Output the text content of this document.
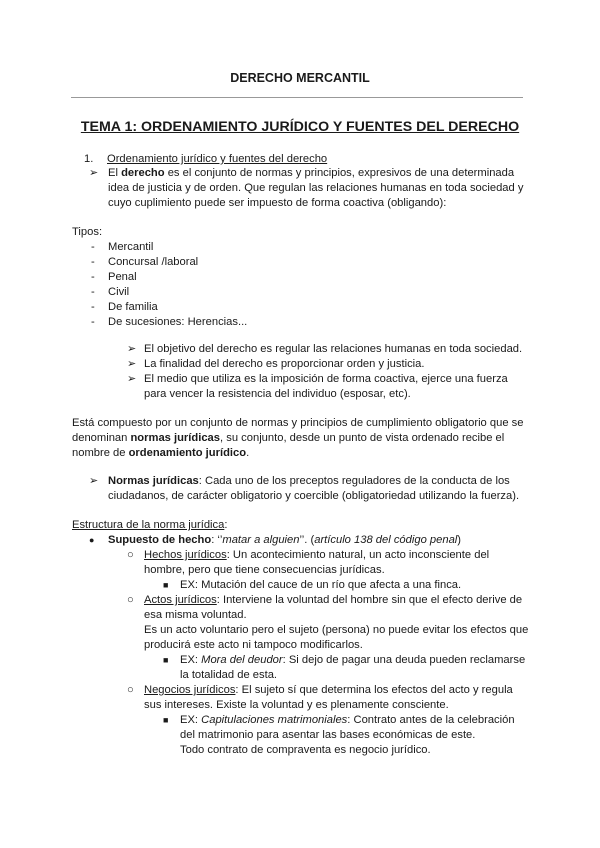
DERECHO MERCANTIL
TEMA 1: ORDENAMIENTO JURÍDICO Y FUENTES DEL DERECHO
1. Ordenamiento jurídico y fuentes del derecho
➢ El derecho es el conjunto de normas y principios, expresivos de una determinada
idea de justicia y de orden. Que regulan las relaciones humanas en toda sociedad y
cuyo cuplimiento puede ser impuesto de forma coactiva (obligando):
Tipos:
- Mercantil
- Concursal /laboral
- Penal
- Civil
- De familia
- De sucesiones: Herencias...
➢ El objetivo del derecho es regular las relaciones humanas en toda sociedad.
➢ La finalidad del derecho es proporcionar orden y justicia.
➢ El medio que utiliza es la imposición de forma coactiva, ejerce una fuerza
para vencer la resistencia del individuo (esposar, etc).
Está compuesto por un conjunto de normas y principios de cumplimiento obligatorio que se
denominan normas jurídicas, su conjunto, desde un punto de vista ordenado recibe el
nombre de ordenamiento jurídico.
➢ Normas jurídicas: Cada uno de los preceptos reguladores de la conducta de los
ciudadanos, de carácter obligatorio y coercible (obligatoriedad utilizando la fuerza).
Estructura de la norma jurídica:
● Supuesto de hecho: ‘’matar a alguien’’. (artículo 138 del código penal)
○ Hechos jurídicos: Un acontecimiento natural, un acto inconsciente del
hombre, pero que tiene consecuencias jurídicas.
■ EX: Mutación del cauce de un río que afecta a una finca.
○ Actos jurídicos: Interviene la voluntad del hombre sin que el efecto derive de
esa misma voluntad.
Es un acto voluntario pero el sujeto (persona) no puede evitar los efectos que
producirá este acto ni tampoco modificarlos.
■ EX: Mora del deudor: Si dejo de pagar una deuda pueden reclamarse
la totalidad de esta.
○ Negocios jurídicos: El sujeto sí que determina los efectos del acto y regula
sus intereses. Existe la voluntad y es plenamente consciente.
■ EX: Capitulaciones matrimoniales: Contrato antes de la celebración
del matrimonio para asentar las bases económicas de este.
Todo contrato de compraventa es negocio jurídico.
